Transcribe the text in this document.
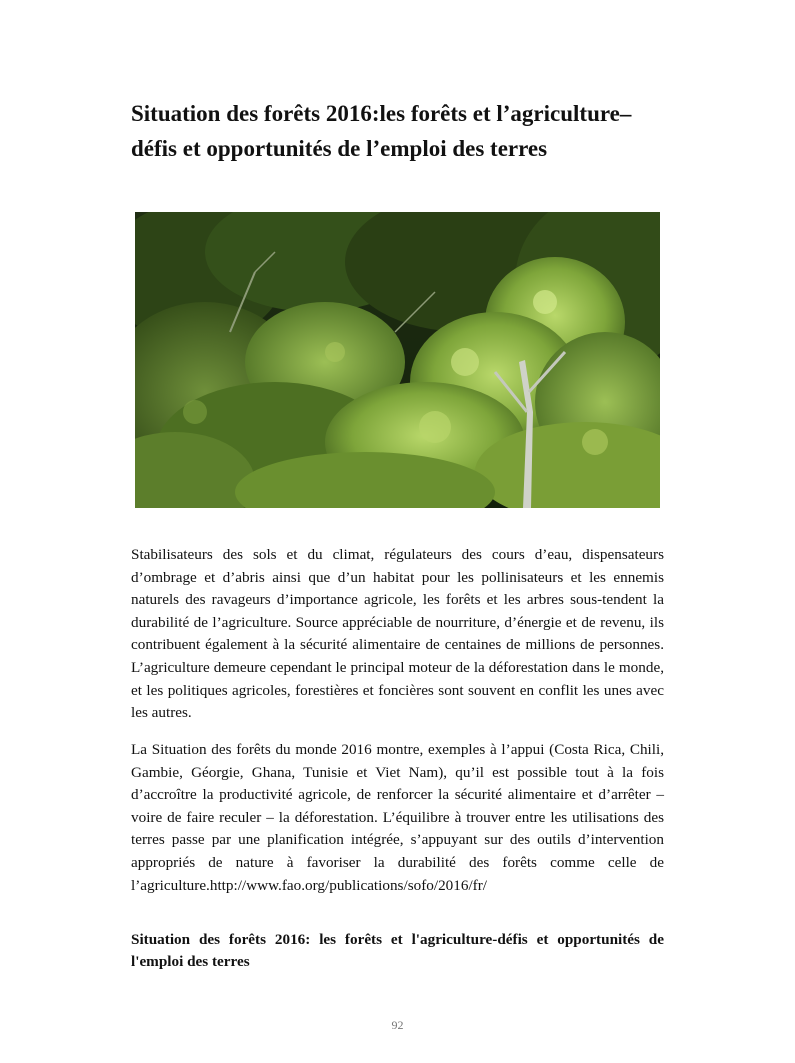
Situation des forêts 2016:les forêts et l’agriculture–défis et opportunités de l’emploi des terres

Stabilisateurs des sols et du climat, régulateurs des cours d’eau, dispensateurs d’ombrage et d’abris ainsi que d’un habitat pour les pollinisateurs et les ennemis naturels des ravageurs d’importance agricole, les forêts et les arbres sous-tendent la durabilité de l’agriculture. Source appréciable de nourriture, d’énergie et de revenu, ils contribuent également à la sécurité alimentaire de centaines de millions de personnes. L’agriculture demeure cependant le principal moteur de la déforestation dans le monde, et les politiques agricoles, forestières et foncières sont souvent en conflit les unes avec les autres.

La Situation des forêts du monde 2016 montre, exemples à l’appui (Costa Rica, Chili, Gambie, Géorgie, Ghana, Tunisie et Viet Nam), qu’il est possible tout à la fois d’accroître la productivité agricole, de renforcer la sécurité alimentaire et d’arrêter – voire de faire reculer – la déforestation. L’équilibre à trouver entre les utilisations des terres passe par une planification intégrée, s’appuyant sur des outils d’intervention appropriés de nature à favoriser la durabilité des forêts comme celle de l’agriculture.http://www.fao.org/publications/sofo/2016/fr/

Situation des forêts 2016: les forêts et l'agriculture-défis et opportunités de l'emploi des terres

92
